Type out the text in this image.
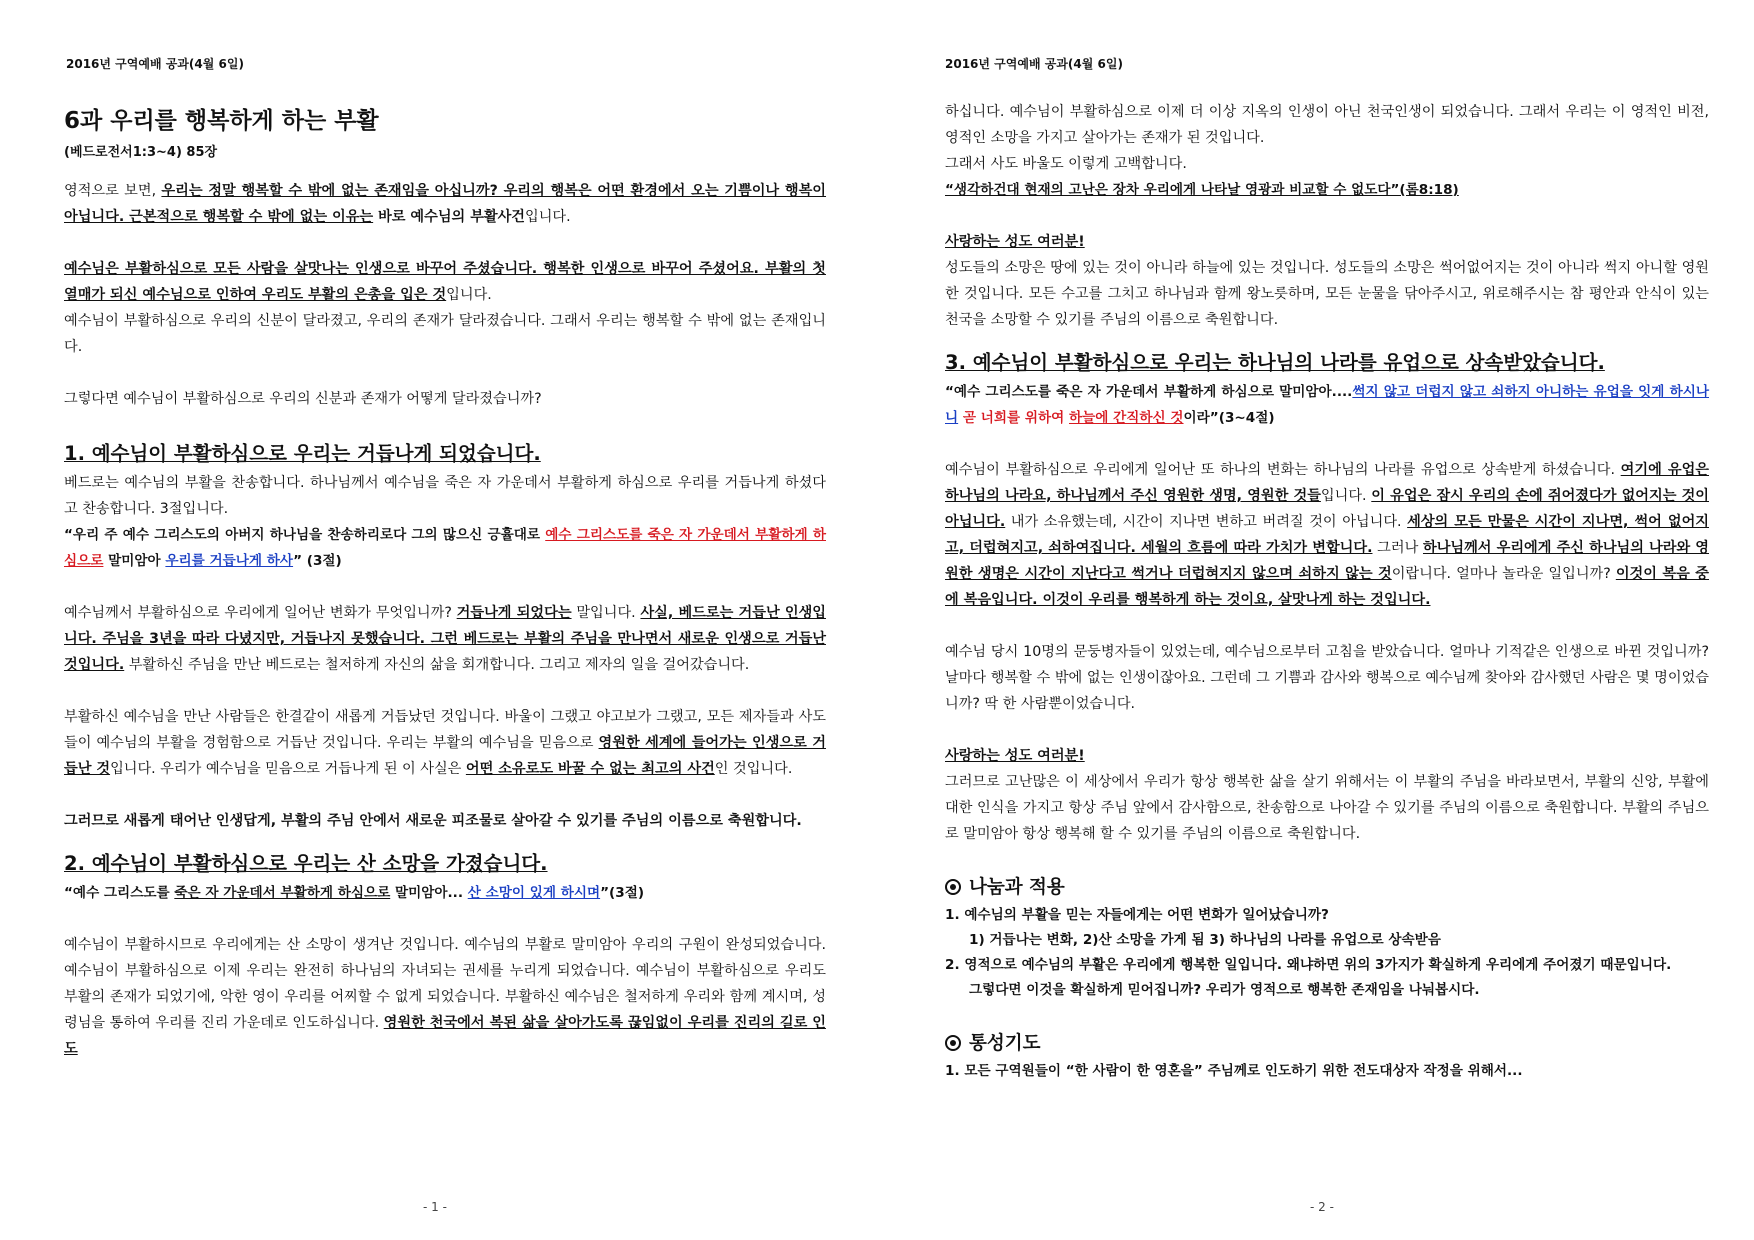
2016년 구역예배 공과(4월 6일)
6과 우리를 행복하게 하는 부활
(베드로전서1:3~4) 85장

영적으로 보면, 우리는 정말 행복할 수 밖에 없는 존재임을 아십니까? 우리의 행복은 어떤 환경에서 오는 기쁨이나 행복이 아닙니다. 근본적으로 행복할 수 밖에 없는 이유는 바로 예수님의 부활사건입니다.

예수님은 부활하심으로 모든 사람을 살맛나는 인생으로 바꾸어 주셨습니다. 행복한 인생으로 바꾸어 주셨어요. 부활의 첫 열매가 되신 예수님으로 인하여 우리도 부활의 은총을 입은 것입니다.

예수님이 부활하심으로 우리의 신분이 달라졌고, 우리의 존재가 달라졌습니다. 그래서 우리는 행복할 수 밖에 없는 존재입니다.

그렇다면 예수님이 부활하심으로 우리의 신분과 존재가 어떻게 달라졌습니까?

1. 예수님이 부활하심으로 우리는 거듭나게 되었습니다.

베드로는 예수님의 부활을 찬송합니다. 하나님께서 예수님을 죽은 자 가운데서 부활하게 하심으로 우리를 거듭나게 하셨다고 찬송합니다. 3절입니다.

“우리 주 예수 그리스도의 아버지 하나님을 찬송하리로다 그의 많으신 긍휼대로 예수 그리스도를 죽은 자 가운데서 부활하게 하심으로 말미암아 우리를 거듭나게 하사” (3절)

예수님께서 부활하심으로 우리에게 일어난 변화가 무엇입니까? 거듭나게 되었다는 말입니다. 사실, 베드로는 거듭난 인생입니다. 주님을 3년을 따라 다녔지만, 거듭나지 못했습니다. 그런 베드로는 부활의 주님을 만나면서 새로운 인생으로 거듭난 것입니다. 부활하신 주님을 만난 베드로는 철저하게 자신의 삶을 회개합니다. 그리고 제자의 일을 걸어갔습니다.

부활하신 예수님을 만난 사람들은 한결같이 새롭게 거듭났던 것입니다. 바울이 그랬고 야고보가 그랬고, 모든 제자들과 사도들이 예수님의 부활을 경험함으로 거듭난 것입니다. 우리는 부활의 예수님을 믿음으로 영원한 세계에 들어가는 인생으로 거듭난 것입니다. 우리가 예수님을 믿음으로 거듭나게 된 이 사실은 어떤 소유로도 바꿀 수 없는 최고의 사건인 것입니다.

그러므로 새롭게 태어난 인생답게, 부활의 주님 안에서 새로운 피조물로 살아갈 수 있기를 주님의 이름으로 축원합니다.

2. 예수님이 부활하심으로 우리는 산 소망을 가졌습니다.

“예수 그리스도를 죽은 자 가운데서 부활하게 하심으로 말미암아... 산 소망이 있게 하시며”(3절)

예수님이 부활하시므로 우리에게는 산 소망이 생겨난 것입니다. 예수님의 부활로 말미암아 우리의 구원이 완성되었습니다. 예수님이 부활하심으로 이제 우리는 완전히 하나님의 자녀되는 권세를 누리게 되었습니다. 예수님이 부활하심으로 우리도 부활의 존재가 되었기에, 악한 영이 우리를 어찌할 수 없게 되었습니다. 부활하신 예수님은 철저하게 우리와 함께 계시며, 성령님을 통하여 우리를 진리 가운데로 인도하십니다. 영원한 천국에서 복된 삶을 살아가도록 끊임없이 우리를 진리의 길로 인도

- 1 -
2016년 구역예배 공과(4월 6일)

하십니다. 예수님이 부활하심으로 이제 더 이상 지옥의 인생이 아닌 천국인생이 되었습니다. 그래서 우리는 이 영적인 비전, 영적인 소망을 가지고 살아가는 존재가 된 것입니다.

그래서 사도 바울도 이렇게 고백합니다.

“생각하건대 현재의 고난은 장차 우리에게 나타날 영광과 비교할 수 없도다”(롬8:18)

사랑하는 성도 여러분!

성도들의 소망은 땅에 있는 것이 아니라 하늘에 있는 것입니다. 성도들의 소망은 썩어없어지는 것이 아니라 썩지 아니할 영원한 것입니다. 모든 수고를 그치고 하나님과 함께 왕노릇하며, 모든 눈물을 닦아주시고, 위로해주시는 참 평안과 안식이 있는 천국을 소망할 수 있기를 주님의 이름으로 축원합니다.

3. 예수님이 부활하심으로 우리는 하나님의 나라를 유업으로 상속받았습니다.

“예수 그리스도를 죽은 자 가운데서 부활하게 하심으로 말미암아....썩지 않고 더럽지 않고 쇠하지 아니하는 유업을 잇게 하시나니 곧 너희를 위하여 하늘에 간직하신 것이라”(3~4절)

예수님이 부활하심으로 우리에게 일어난 또 하나의 변화는 하나님의 나라를 유업으로 상속받게 하셨습니다. 여기에 유업은 하나님의 나라요, 하나님께서 주신 영원한 생명, 영원한 것들입니다. 이 유업은 잠시 우리의 손에 쥐어졌다가 없어지는 것이 아닙니다. 내가 소유했는데, 시간이 지나면 변하고 버려질 것이 아닙니다. 세상의 모든 만물은 시간이 지나면, 썩어 없어지고, 더럽혀지고, 쇠하여집니다. 세월의 흐름에 따라 가치가 변합니다. 그러나 하나님께서 우리에게 주신 하나님의 나라와 영원한 생명은 시간이 지난다고 썩거나 더럽혀지지 않으며 쇠하지 않는 것이랍니다. 얼마나 놀라운 일입니까? 이것이 복음 중에 복음입니다. 이것이 우리를 행복하게 하는 것이요, 살맛나게 하는 것입니다.

예수님 당시 10명의 문둥병자들이 있었는데, 예수님으로부터 고침을 받았습니다. 얼마나 기적같은 인생으로 바뀐 것입니까? 날마다 행복할 수 밖에 없는 인생이잖아요. 그런데 그 기쁨과 감사와 행복으로 예수님께 찾아와 감사했던 사람은 몇 명이었습니까? 딱 한 사람뿐이었습니다.

사랑하는 성도 여러분!

그러므로 고난많은 이 세상에서 우리가 항상 행복한 삶을 살기 위해서는 이 부활의 주님을 바라보면서, 부활의 신앙, 부활에 대한 인식을 가지고 항상 주님 앞에서 감사함으로, 찬송함으로 나아갈 수 있기를 주님의 이름으로 축원합니다. 부활의 주님으로 말미암아 항상 행복해 할 수 있기를 주님의 이름으로 축원합니다.

나눔과 적용

1. 예수님의 부활을 믿는 자들에게는 어떤 변화가 일어났습니까?

1) 거듭나는 변화, 2)산 소망을 가게 됨 3) 하나님의 나라를 유업으로 상속받음

2. 영적으로 예수님의 부활은 우리에게 행복한 일입니다. 왜냐하면 위의 3가지가 확실하게 우리에게 주어졌기 때문입니다.

그렇다면 이것을 확실하게 믿어집니까? 우리가 영적으로 행복한 존재임을 나눠봅시다.

통성기도

1. 모든 구역원들이 “한 사람이 한 영혼을” 주님께로 인도하기 위한 전도대상자 작정을 위해서...

- 2 -
